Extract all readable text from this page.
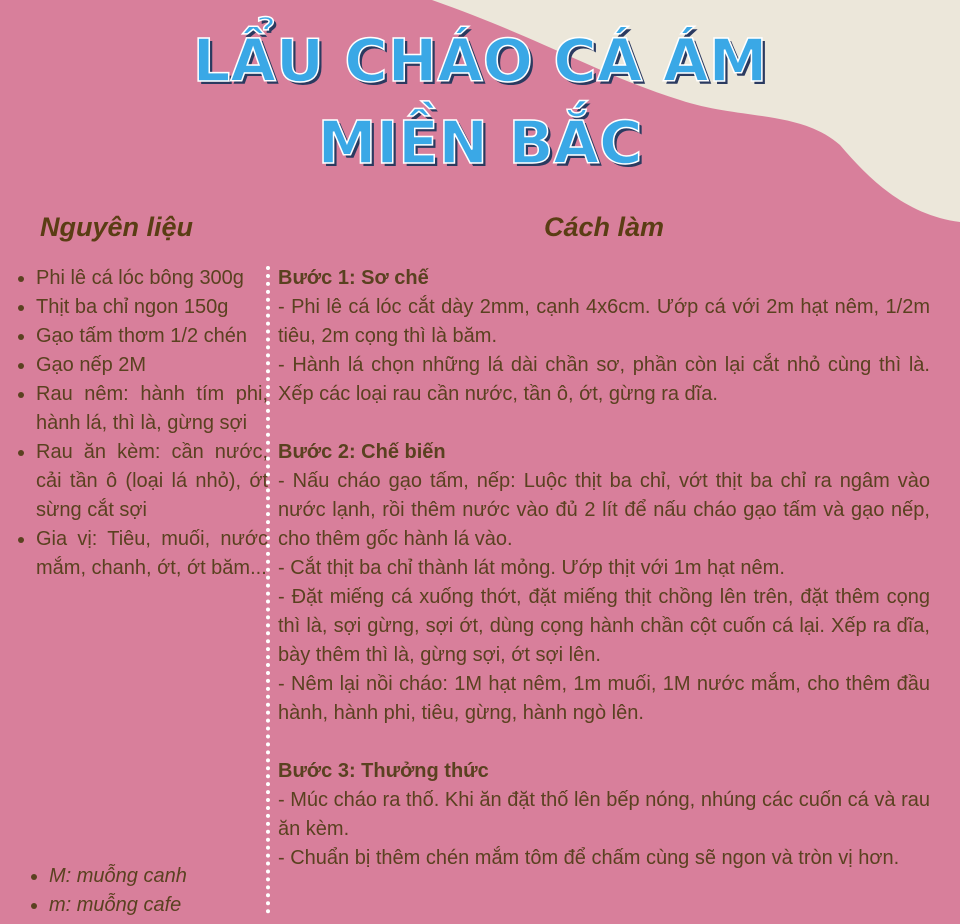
LẨU CHÁO CÁ ÁM
MIỀN BẮC
Nguyên liệu	Cách làm
• Phi lê cá lóc bông 300g
• Thịt ba chỉ ngon 150g
• Gạo tấm thơm 1/2 chén
• Gạo nếp 2M
• Rau nêm: hành tím phi, hành lá, thì là, gừng sợi
• Rau ăn kèm: cần nước, cải tần ô (loại lá nhỏ), ớt sừng cắt sợi
• Gia vị: Tiêu, muối, nước mắm, chanh, ớt, ớt băm...

Bước 1: Sơ chế

- Phi lê cá lóc cắt dày 2mm, cạnh 4x6cm. Ướp cá với 2m hạt nêm, 1/2m tiêu, 2m cọng thì là băm.

- Hành lá chọn những lá dài chần sơ, phần còn lại cắt nhỏ cùng thì là. Xếp các loại rau cần nước, tần ô, ớt, gừng ra dĩa.

Bước 2: Chế biến

- Nấu cháo gạo tấm, nếp: Luộc thịt ba chỉ, vớt thịt ba chỉ ra ngâm vào nước lạnh, rồi thêm nước vào đủ 2 lít để nấu cháo gạo tấm và gạo nếp, cho thêm gốc hành lá vào.

- Cắt thịt ba chỉ thành lát mỏng. Ướp thịt với 1m hạt nêm.

- Đặt miếng cá xuống thớt, đặt miếng thịt chồng lên trên, đặt thêm cọng thì là, sợi gừng, sợi ớt, dùng cọng hành chần cột cuốn cá lại. Xếp ra dĩa, bày thêm thì là, gừng sợi, ớt sợi lên.

- Nêm lại nồi cháo: 1M hạt nêm, 1m muối, 1M nước mắm, cho thêm đầu hành, hành phi, tiêu, gừng, hành ngò lên.

Bước 3: Thưởng thức

- Múc cháo ra thố. Khi ăn đặt thố lên bếp nóng, nhúng các cuốn cá và rau ăn kèm.

- Chuẩn bị thêm chén mắm tôm để chấm cùng sẽ ngon và tròn vị hơn.

• M: muỗng canh
• m: muỗng cafe
